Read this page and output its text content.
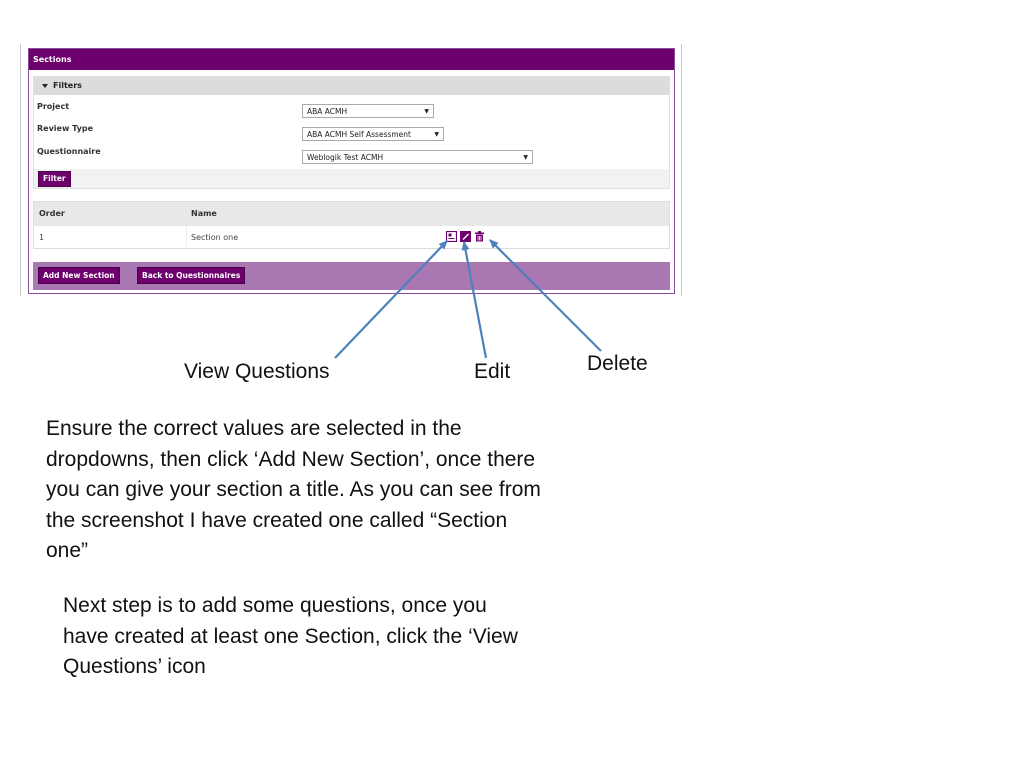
Sections
Filters
Project
ABA ACMH	▼
Review Type
ABA ACMH Self Assessment	▼
Questionnaire
Weblogik Test ACMH	▼
Filter
Order	Name
1	Section one
Add New Section	Back to Questionnaires
View Questions	Edit	Delete

Ensure the correct values are selected in the dropdowns, then click ‘Add New Section’, once there you can give your section a title. As you can see from the screenshot I have created one called “Section one”

Next step is to add some questions, once you have created at least one Section, click the ‘View Questions’ icon
